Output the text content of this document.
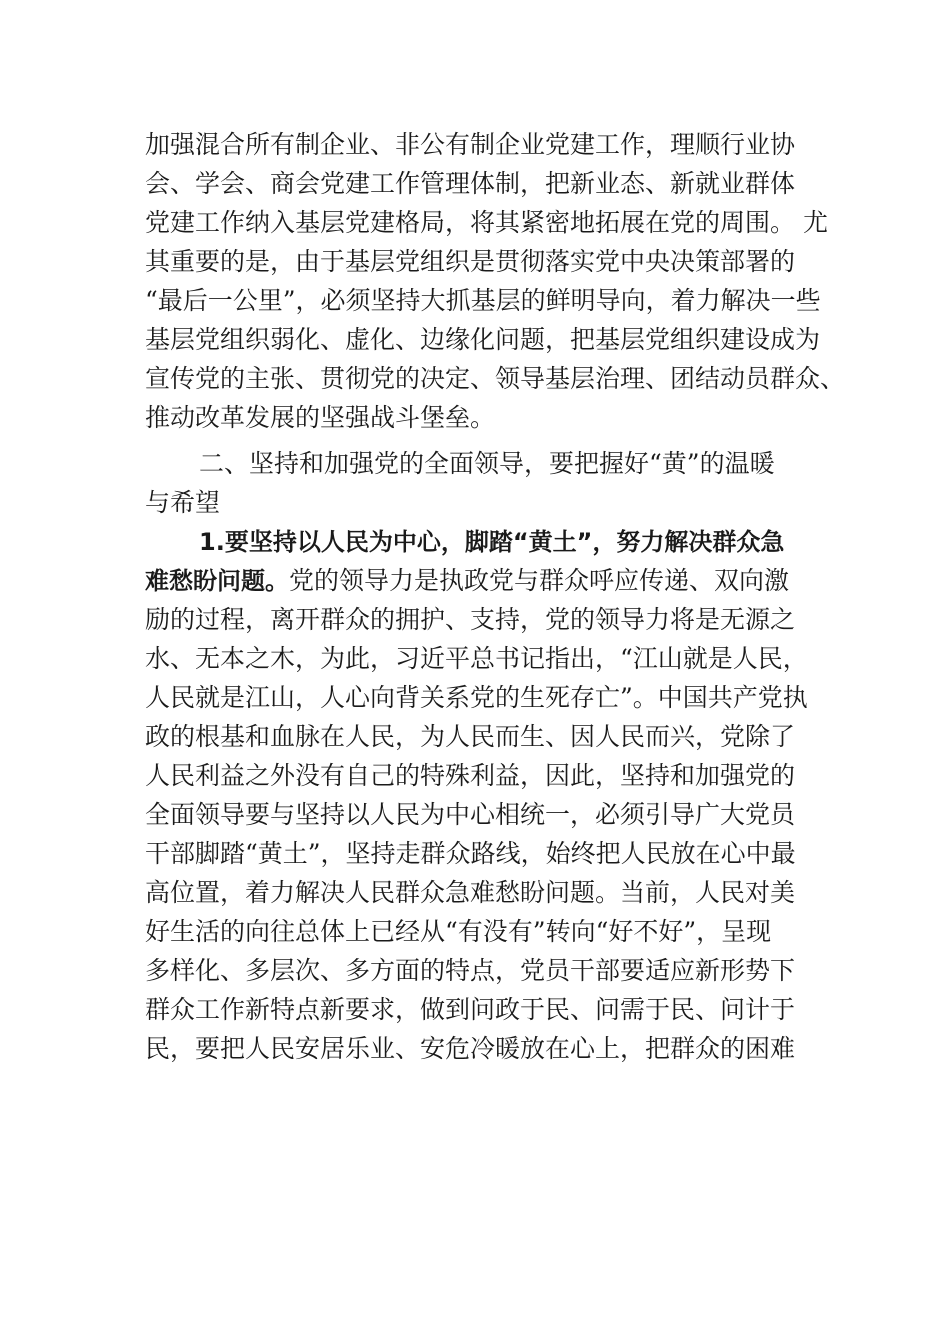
加强混合所有制企业、非公有制企业党建工作，理顺行业协
会、学会、商会党建工作管理体制，把新业态、新就业群体
党建工作纳入基层党建格局，将其紧密地拓展在党的周围。 尤
其重要的是，由于基层党组织是贯彻落实党中央决策部署的
“最后一公里”，必须坚持大抓基层的鲜明导向，着力解决一些
基层党组织弱化、虚化、边缘化问题，把基层党组织建设成为
宣传党的主张、贯彻党的决定、领导基层治理、团结动员群众、
推动改革发展的坚强战斗堡垒。
二、坚持和加强党的全面领导，要把握好“黄”的温暖
与希望
1.要坚持以人民为中心，脚踏“黄土”，努力解决群众急
难愁盼问题。党的领导力是执政党与群众呼应传递、双向激
励的过程，离开群众的拥护、支持，党的领导力将是无源之
水、无本之木，为此，习近平总书记指出，“江山就是人民，
人民就是江山，人心向背关系党的生死存亡”。中国共产党执
政的根基和血脉在人民，为人民而生、因人民而兴，党除了
人民利益之外没有自己的特殊利益，因此，坚持和加强党的
全面领导要与坚持以人民为中心相统一，必须引导广大党员
干部脚踏“黄土”，坚持走群众路线，始终把人民放在心中最
高位置，着力解决人民群众急难愁盼问题。当前，人民对美
好生活的向往总体上已经从“有没有”转向“好不好”，呈现
多样化、多层次、多方面的特点，党员干部要适应新形势下
群众工作新特点新要求，做到问政于民、问需于民、问计于
民，要把人民安居乐业、安危冷暖放在心上，把群众的困难
